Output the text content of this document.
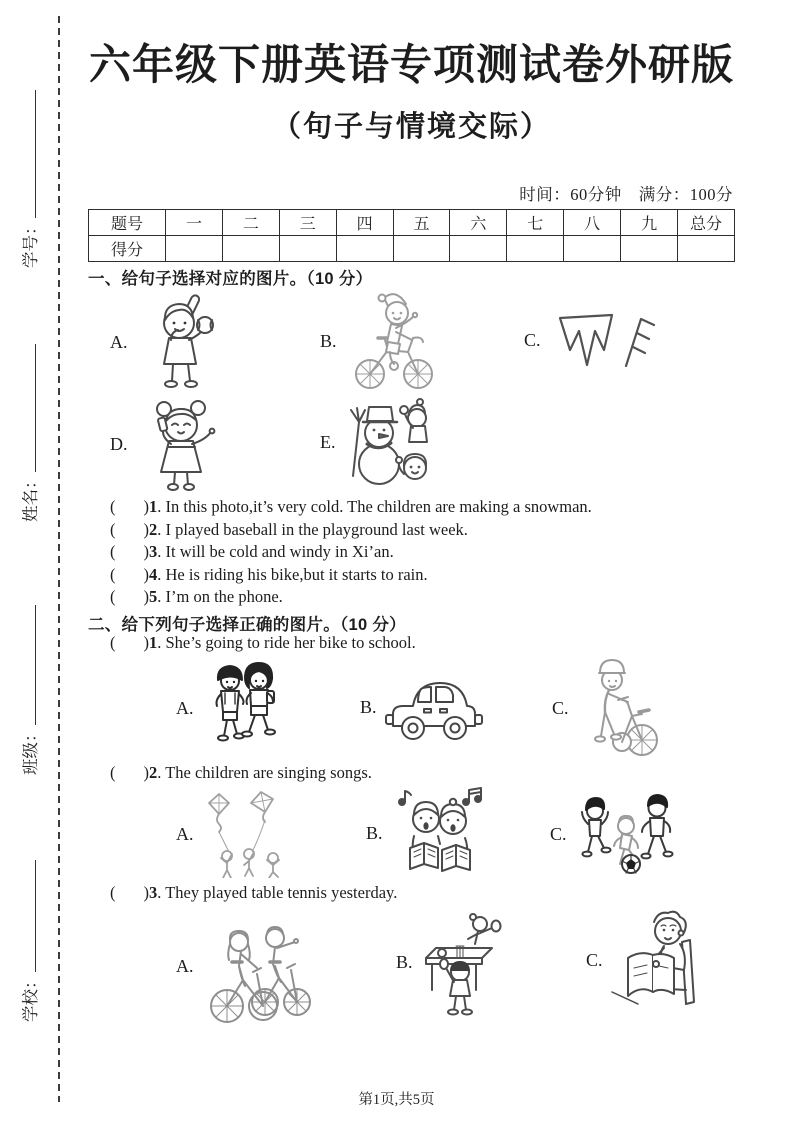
学号：
姓名：
班级：
学校：
六年级下册英语专项测试卷外研版
（句子与情境交际）
时间：60分钟　满分：100分
题号	一	二	三	四	五	六	七	八	九	总分
得分										
一、给句子选择对应的图片。（10 分）
A.	B.	C.
D.	E.
( )1. In this photo,it’s very cold. The children are making a snowman.
( )2. I played baseball in the playground last week.
( )3. It will be cold and windy in Xi’an.
( )4. He is riding his bike,but it starts to rain.
( )5. I’m on the phone.
二、给下列句子选择正确的图片。（10 分）
( )1. She’s going to ride her bike to school.
A.	B.	C.
( )2. The children are singing songs.
A.	B.	C.
( )3. They played table tennis yesterday.
A.	B.	C.
第1页,共5页
